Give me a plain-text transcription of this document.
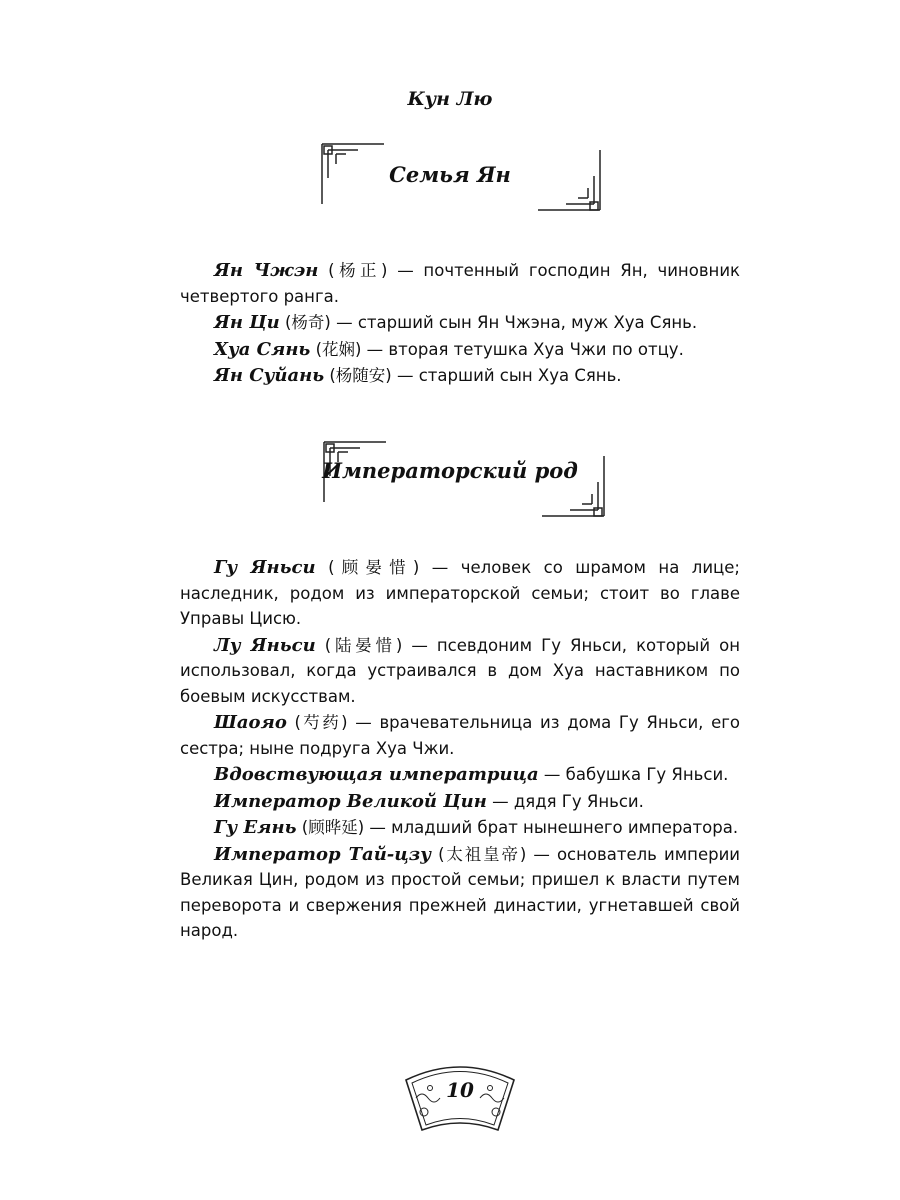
Кун Лю
Семья Ян
Ян Чжэн (杨正) — почтенный господин Ян, чиновник четвертого ранга.
Ян Ци (杨奇) — старший сын Ян Чжэна, муж Хуа Сянь.
Хуа Сянь (花娴) — вторая тетушка Хуа Чжи по отцу.
Ян Суйань (杨随安) — старший сын Хуа Сянь.
Императорский род
Гу Яньси (顾晏惜) — человек со шрамом на лице; наследник, родом из императорской семьи; стоит во главе Управы Цисю.
Лу Яньси (陆晏惜) — псевдоним Гу Яньси, который он использовал, когда устраивался в дом Хуа наставником по боевым искусствам.
Шаояо (芍药) — врачевательница из дома Гу Яньси, его сестра; ныне подруга Хуа Чжи.
Вдовствующая императрица — бабушка Гу Яньси.
Император Великой Цин — дядя Гу Яньси.
Гу Еянь (顾晔延) — младший брат нынешнего императора.
Император Тай-цзу (太祖皇帝) — основатель империи Великая Цин, родом из простой семьи; пришел к власти путем переворота и свержения прежней династии, угнетавшей свой народ.
10
